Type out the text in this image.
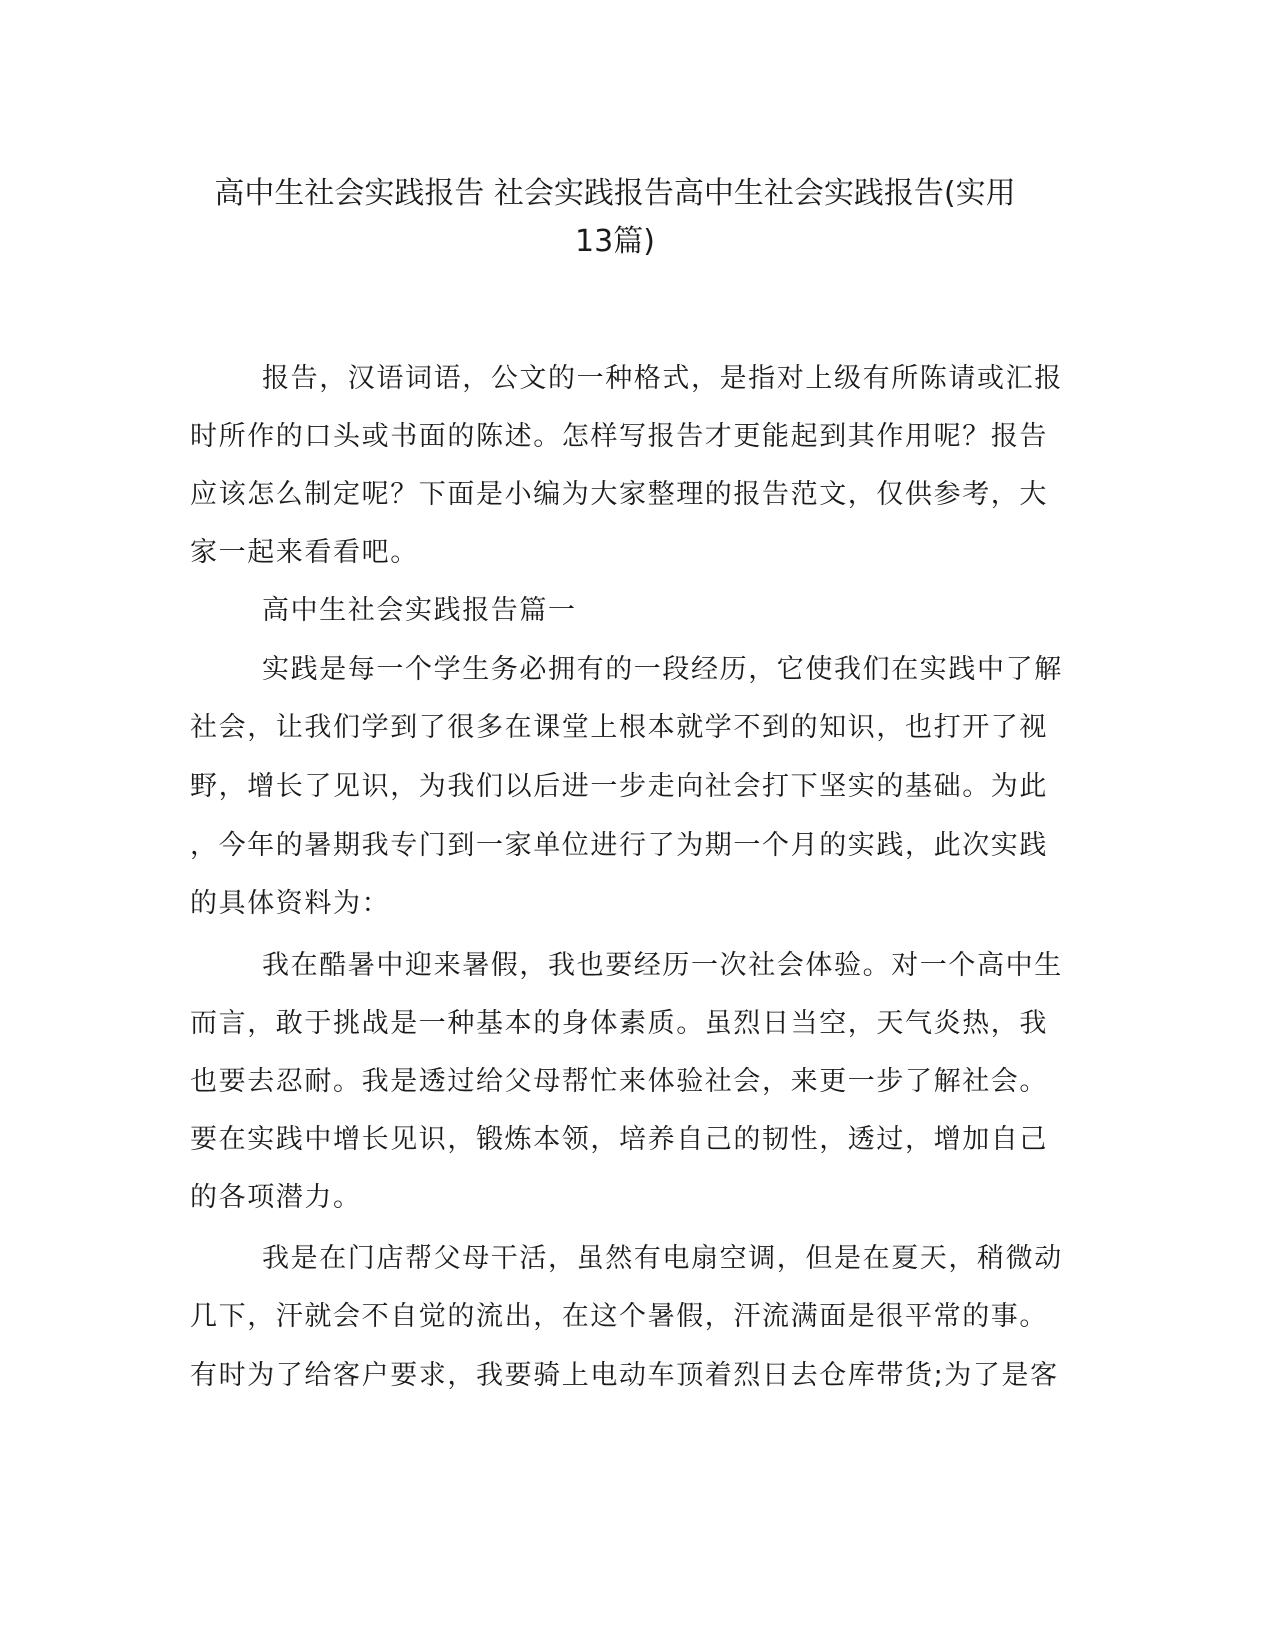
高中生社会实践报告 社会实践报告高中生社会实践报告(实用
13篇)

报告，汉语词语，公文的一种格式，是指对上级有所陈请或汇报

时所作的口头或书面的陈述。怎样写报告才更能起到其作用呢？报告

应该怎么制定呢？下面是小编为大家整理的报告范文，仅供参考，大

家一起来看看吧。

高中生社会实践报告篇一

实践是每一个学生务必拥有的一段经历，它使我们在实践中了解

社会，让我们学到了很多在课堂上根本就学不到的知识，也打开了视

野，增长了见识，为我们以后进一步走向社会打下坚实的基础。为此

，今年的暑期我专门到一家单位进行了为期一个月的实践，此次实践

的具体资料为：

我在酷暑中迎来暑假，我也要经历一次社会体验。对一个高中生

而言，敢于挑战是一种基本的身体素质。虽烈日当空，天气炎热，我

也要去忍耐。我是透过给父母帮忙来体验社会，来更一步了解社会。

要在实践中增长见识，锻炼本领，培养自己的韧性，透过，增加自己

的各项潜力。

我是在门店帮父母干活，虽然有电扇空调，但是在夏天，稍微动

几下，汗就会不自觉的流出，在这个暑假，汗流满面是很平常的事。

有时为了给客户要求，我要骑上电动车顶着烈日去仓库带货;为了是客
